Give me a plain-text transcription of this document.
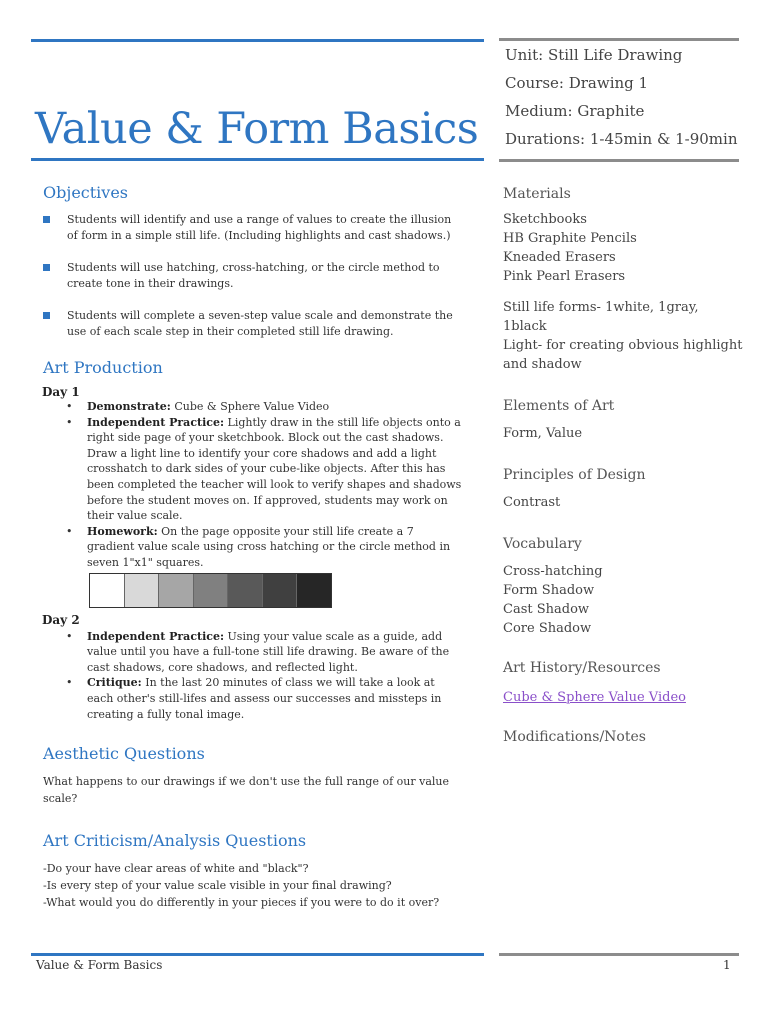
Value & Form Basics
Unit: Still Life Drawing
Course: Drawing 1
Medium: Graphite
Durations: 1-45min & 1-90min
Objectives
Students will identify and use a range of values to create the illusion of form in a simple still life. (Including highlights and cast shadows.)
Students will use hatching, cross-hatching, or the circle method to create tone in their drawings.
Students will complete a seven-step value scale and demonstrate the use of each scale step in their completed still life drawing.
Art Production
Day 1
• Demonstrate: Cube & Sphere Value Video
• Independent Practice: Lightly draw in the still life objects onto a right side page of your sketchbook. Block out the cast shadows. Draw a light line to identify your core shadows and add a light crosshatch to dark sides of your cube-like objects. After this has been completed the teacher will look to verify shapes and shadows before the student moves on. If approved, students may work on their value scale.
• Homework: On the page opposite your still life create a 7 gradient value scale using cross hatching or the circle method in seven 1"x1" squares.
Day 2
• Independent Practice: Using your value scale as a guide, add value until you have a full-tone still life drawing. Be aware of the cast shadows, core shadows, and reflected light.
• Critique: In the last 20 minutes of class we will take a look at each other's still-lifes and assess our successes and missteps in creating a fully tonal image.
Aesthetic Questions

What happens to our drawings if we don't use the full range of our value scale?

Art Criticism/Analysis Questions

-Do your have clear areas of white and "black"?

-Is every step of your value scale visible in your final drawing?

-What would you do differently in your pieces if you were to do it over?

Materials

Sketchbooks

HB Graphite Pencils

Kneaded Erasers

Pink Pearl Erasers

Still life forms- 1white, 1gray, 1black

Light- for creating obvious highlight and shadow

Elements of Art

Form, Value

Principles of Design

Contrast

Vocabulary

Cross-hatching

Form Shadow

Cast Shadow

Core Shadow

Art History/Resources
Cube & Sphere Value Video
Modifications/Notes
Value & Form Basics	1
